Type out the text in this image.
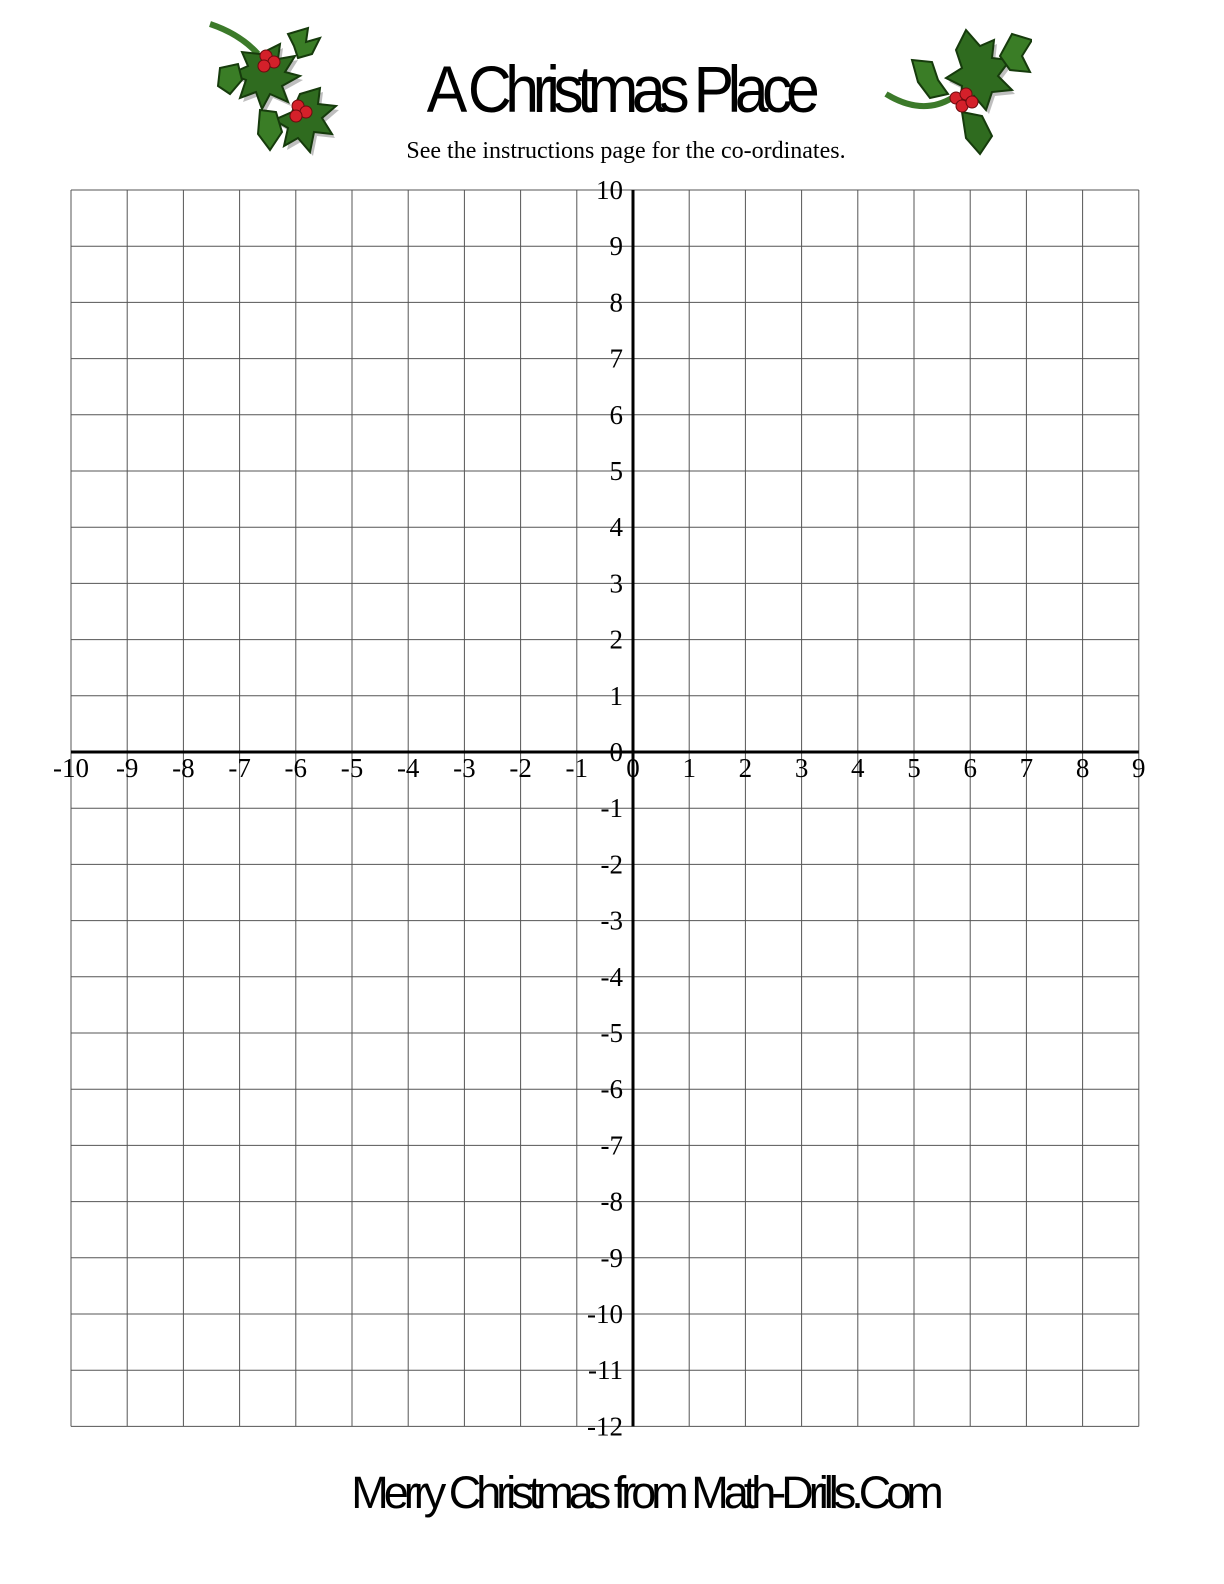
A Christmas Place
See the instructions page for the co-ordinates.
-10 -9 -8 -7 -6 -5 -4 -3 -2 -1 0 1 2 3 4 5 6 7 8 9
10
9
8
7
6
5
4
3
2
1
0
-1
-2
-3
-4
-5
-6
-7
-8
-9
-10
-11
-12
Merry Christmas from Math-Drills.Com
